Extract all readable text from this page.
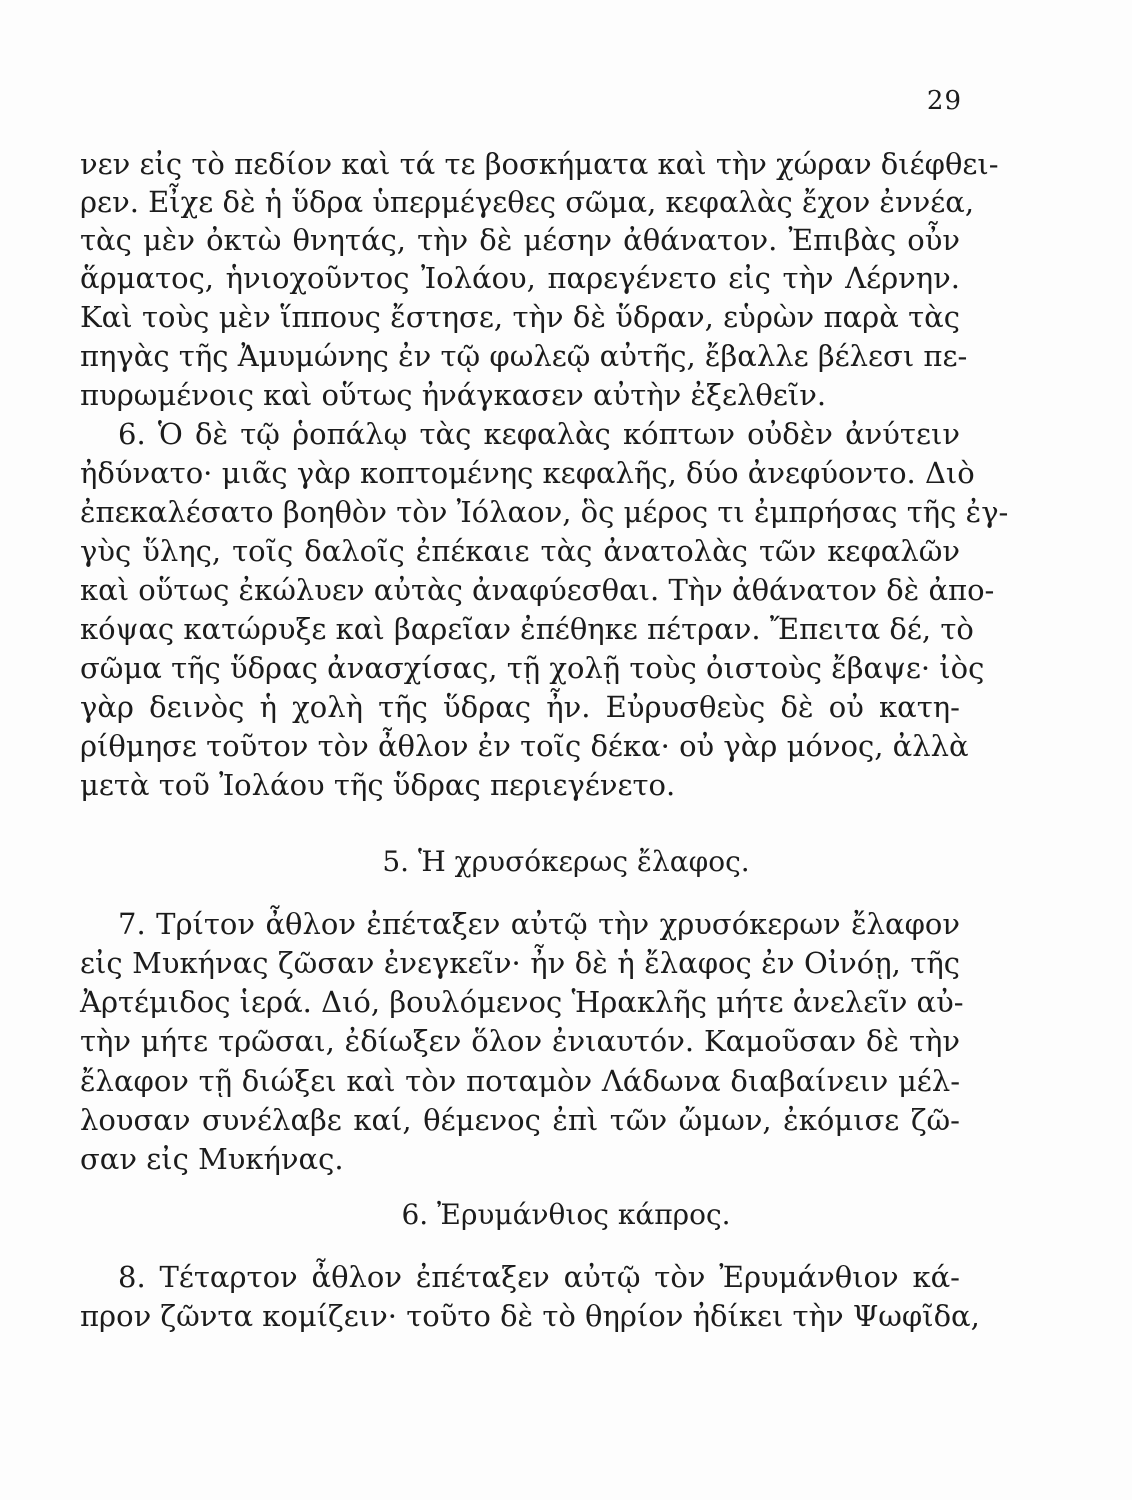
29
νεν εἰς τὸ πεδίον καὶ τά τε βοσκήματα καὶ τὴν χώραν διέφθει-
ρεν. Εἶχε δὲ ἡ ὕδρα ὑπερμέγεθες σῶμα, κεφαλὰς ἔχον ἐννέα,
τὰς μὲν ὀκτὼ θνητάς, τὴν δὲ μέσην ἀθάνατον. Ἐπιβὰς οὖν
ἅρματος, ἡνιοχοῦντος Ἰολάου, παρεγένετο εἰς τὴν Λέρνην.
Καὶ τοὺς μὲν ἵππους ἔστησε, τὴν δὲ ὕδραν, εὑρὼν παρὰ τὰς
πηγὰς τῆς Ἀμυμώνης ἐν τῷ φωλεῷ αὐτῆς, ἔβαλλε βέλεσι πε-
πυρωμένοις καὶ οὕτως ἠνάγκασεν αὐτὴν ἐξελθεῖν.
6. Ὁ δὲ τῷ ῥοπάλῳ τὰς κεφαλὰς κόπτων οὐδὲν ἀνύτειν
ἠδύνατο· μιᾶς γὰρ κοπτομένης κεφαλῆς, δύο ἀνεφύοντο. Διὸ
ἐπεκαλέσατο βοηθὸν τὸν Ἰόλαον, ὃς μέρος τι ἐμπρήσας τῆς ἐγ-
γὺς ὕλης, τοῖς δαλοῖς ἐπέκαιε τὰς ἀνατολὰς τῶν κεφαλῶν
καὶ οὕτως ἐκώλυεν αὐτὰς ἀναφύεσθαι. Τὴν ἀθάνατον δὲ ἀπο-
κόψας κατώρυξε καὶ βαρεῖαν ἐπέθηκε πέτραν. Ἔπειτα δέ, τὸ
σῶμα τῆς ὕδρας ἀνασχίσας, τῇ χολῇ τοὺς ὀιστοὺς ἔβαψε· ἰὸς
γὰρ δεινὸς ἡ χολὴ τῆς ὕδρας ἦν. Εὐρυσθεὺς δὲ οὐ κατη-
ρίθμησε τοῦτον τὸν ἆθλον ἐν τοῖς δέκα· οὐ γὰρ μόνος, ἀλλὰ
μετὰ τοῦ Ἰολάου τῆς ὕδρας περιεγένετο.
5. Ἡ χρυσόκερως ἔλαφος.
7. Τρίτον ἆθλον ἐπέταξεν αὐτῷ τὴν χρυσόκερων ἔλαφον
εἰς Μυκήνας ζῶσαν ἐνεγκεῖν· ἦν δὲ ἡ ἔλαφος ἐν Οἰνόῃ, τῆς
Ἀρτέμιδος ἱερά. Διό, βουλόμενος Ἡρακλῆς μήτε ἀνελεῖν αὐ-
τὴν μήτε τρῶσαι, ἐδίωξεν ὅλον ἐνιαυτόν. Καμοῦσαν δὲ τὴν
ἔλαφον τῇ διώξει καὶ τὸν ποταμὸν Λάδωνα διαβαίνειν μέλ-
λουσαν συνέλαβε καί, θέμενος ἐπὶ τῶν ὤμων, ἐκόμισε ζῶ-
σαν εἰς Μυκήνας.
6. Ἐρυμάνθιος κάπρος.
8. Τέταρτον ἆθλον ἐπέταξεν αὐτῷ τὸν Ἐρυμάνθιον κά-
προν ζῶντα κομίζειν· τοῦτο δὲ τὸ θηρίον ἠδίκει τὴν Ψωφῖδα,
